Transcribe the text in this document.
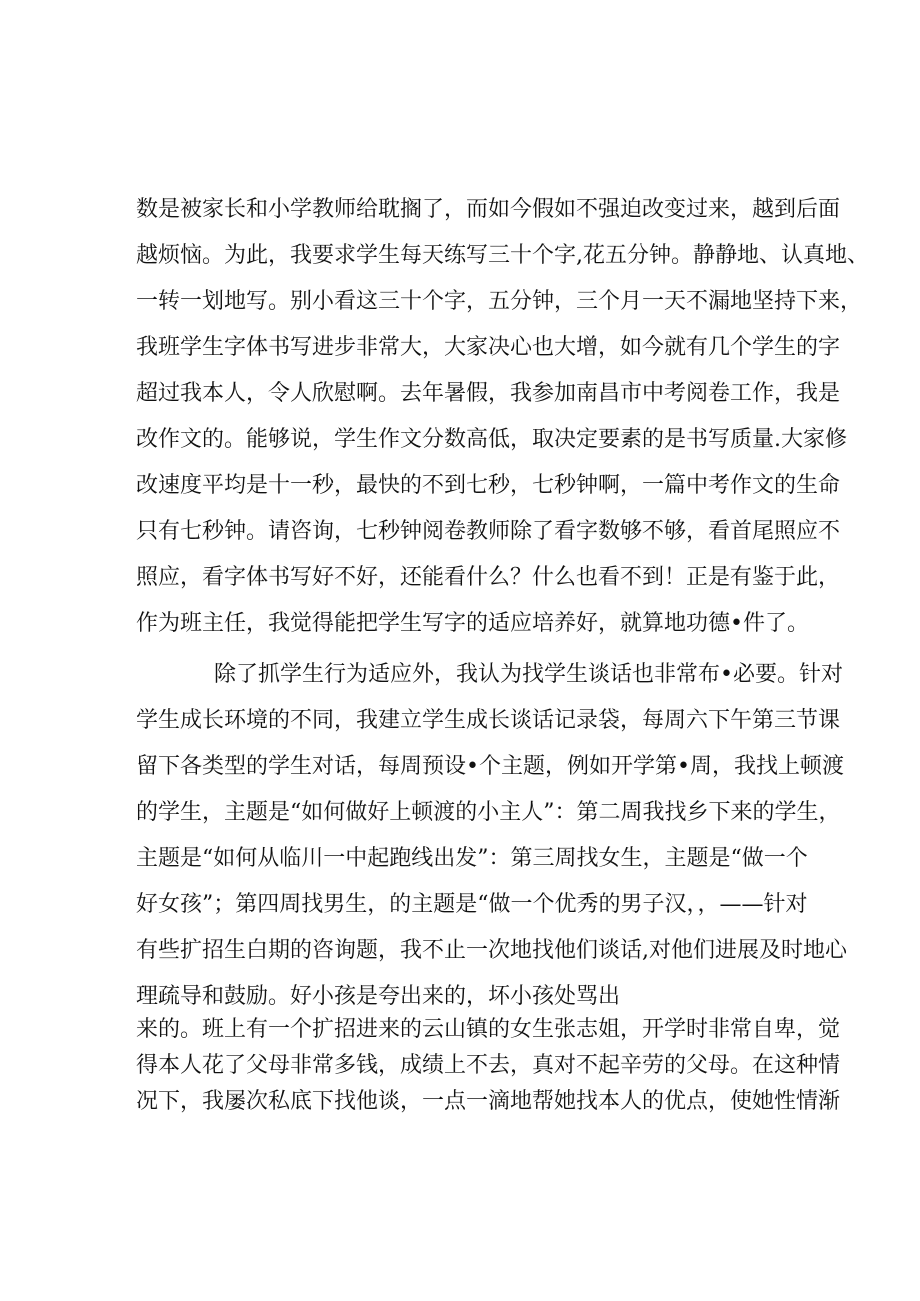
数是被家长和小学教师给耽搁了，而如今假如不强迫改变过来，越到后面
越烦恼。为此，我要求学生每天练写三十个字,花五分钟。静静地、认真地、
一转一划地写。别小看这三十个字，五分钟，三个月一天不漏地坚持下来，
我班学生字体书写进步非常大，大家决心也大增，如今就有几个学生的字
超过我本人，令人欣慰啊。去年暑假，我参加南昌市中考阅卷工作，我是
改作文的。能够说，学生作文分数高低，取决定要素的是书写质量.大家修
改速度平均是十一秒，最快的不到七秒，七秒钟啊，一篇中考作文的生命
只有七秒钟。请咨询，七秒钟阅卷教师除了看字数够不够，看首尾照应不
照应，看字体书写好不好，还能看什么？什么也看不到！正是有鉴于此，
作为班主任，我觉得能把学生写字的适应培养好，就算地功德•件了。
除了抓学生行为适应外，我认为找学生谈话也非常布•必要。针对
学生成长环境的不同，我建立学生成长谈话记录袋，每周六下午第三节课
留下各类型的学生对话，每周预设•个主题，例如开学第•周，我找上顿渡
的学生，主题是“如何做好上顿渡的小主人”：第二周我找乡下来的学生，
主题是“如何从临川一中起跑线出发”：第三周找女生，主题是“做一个
好女孩”；第四周找男生，的主题是“做一个优秀的男子汉，，——针对
有些扩招生白期的咨询题，我不止一次地找他们谈话,对他们进展及时地心
理疏导和鼓励。好小孩是夸出来的，坏小孩处骂出
来的。班上有一个扩招进来的云山镇的女生张志姐，开学时非常自卑，觉
得本人花了父母非常多钱，成绩上不去，真对不起辛劳的父母。在这种情
况下，我屡次私底下找他谈，一点一滴地帮她找本人的优点，使她性情渐
